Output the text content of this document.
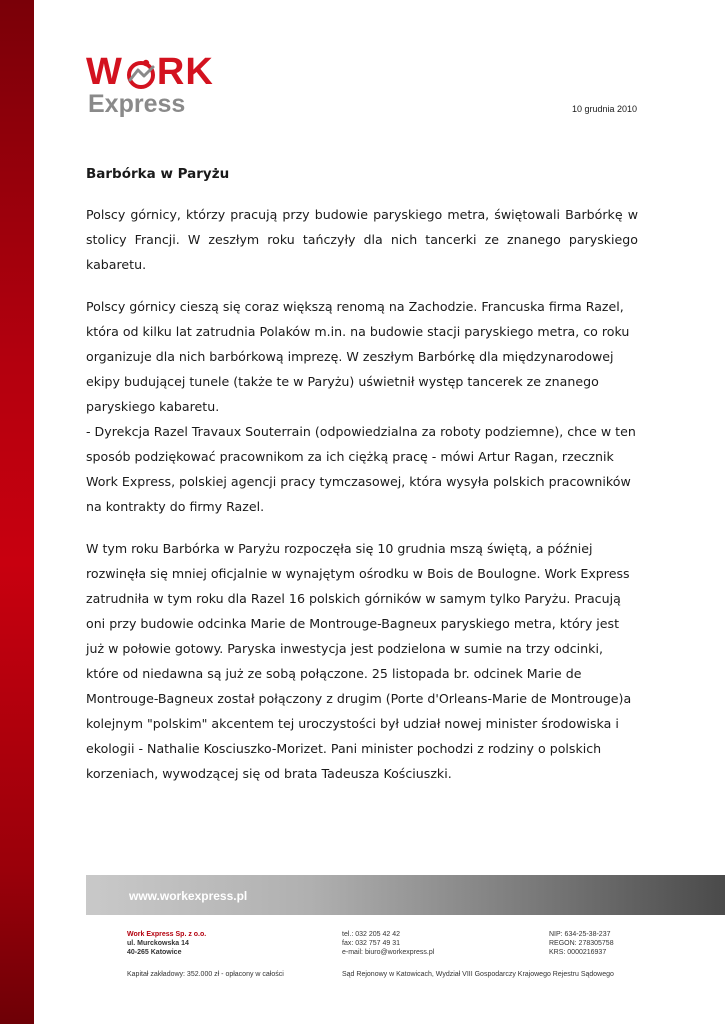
W RK
Express	10 grudnia 2010
Barbórka w Paryżu

Polscy górnicy, którzy pracują przy budowie paryskiego metra, świętowali Barbórkę w stolicy Francji. W zeszłym roku tańczyły dla nich tancerki ze znanego paryskiego kabaretu.

Polscy górnicy cieszą się coraz większą renomą na Zachodzie. Francuska firma Razel, która od kilku lat zatrudnia Polaków m.in. na budowie stacji paryskiego metra, co roku organizuje dla nich barbórkową imprezę. W zeszłym Barbórkę dla międzynarodowej ekipy budującej tunele (także te w Paryżu) uświetnił występ tancerek ze znanego paryskiego kabaretu.

- Dyrekcja Razel Travaux Souterrain (odpowiedzialna za roboty podziemne), chce w ten sposób podziękować pracownikom za ich ciężką pracę - mówi Artur Ragan, rzecznik Work Express, polskiej agencji pracy tymczasowej, która wysyła polskich pracowników na kontrakty do firmy Razel.

W tym roku Barbórka w Paryżu rozpoczęła się 10 grudnia mszą świętą, a później rozwinęła się mniej oficjalnie w wynajętym ośrodku w Bois de Boulogne. Work Express zatrudniła w tym roku dla Razel 16 polskich górników w samym tylko Paryżu. Pracują oni przy budowie odcinka Marie de Montrouge-Bagneux paryskiego metra, który jest już w połowie gotowy. Paryska inwestycja jest podzielona w sumie na trzy odcinki, które od niedawna są już ze sobą połączone. 25 listopada br. odcinek Marie de Montrouge-Bagneux został połączony z drugim (Porte d'Orleans-Marie de Montrouge)a kolejnym "polskim" akcentem tej uroczystości był udział nowej minister środowiska i ekologii - Nathalie Kosciuszko-Morizet. Pani minister pochodzi z rodziny o polskich korzeniach, wywodzącej się od brata Tadeusza Kościuszki.

www.workexpress.pl
Work Express Sp. z o.o.
ul. Murckowska 14
40-265 Katowice
tel.: 032 205 42 42
fax: 032 757 49 31
e-mail: biuro@workexpress.pl
NIP: 634-25-38-237
REGON: 278305758
KRS: 0000216937
Kapitał zakładowy: 352.000 zł - opłacony w całości	Sąd Rejonowy w Katowicach, Wydział VIII Gospodarczy Krajowego Rejestru Sądowego
